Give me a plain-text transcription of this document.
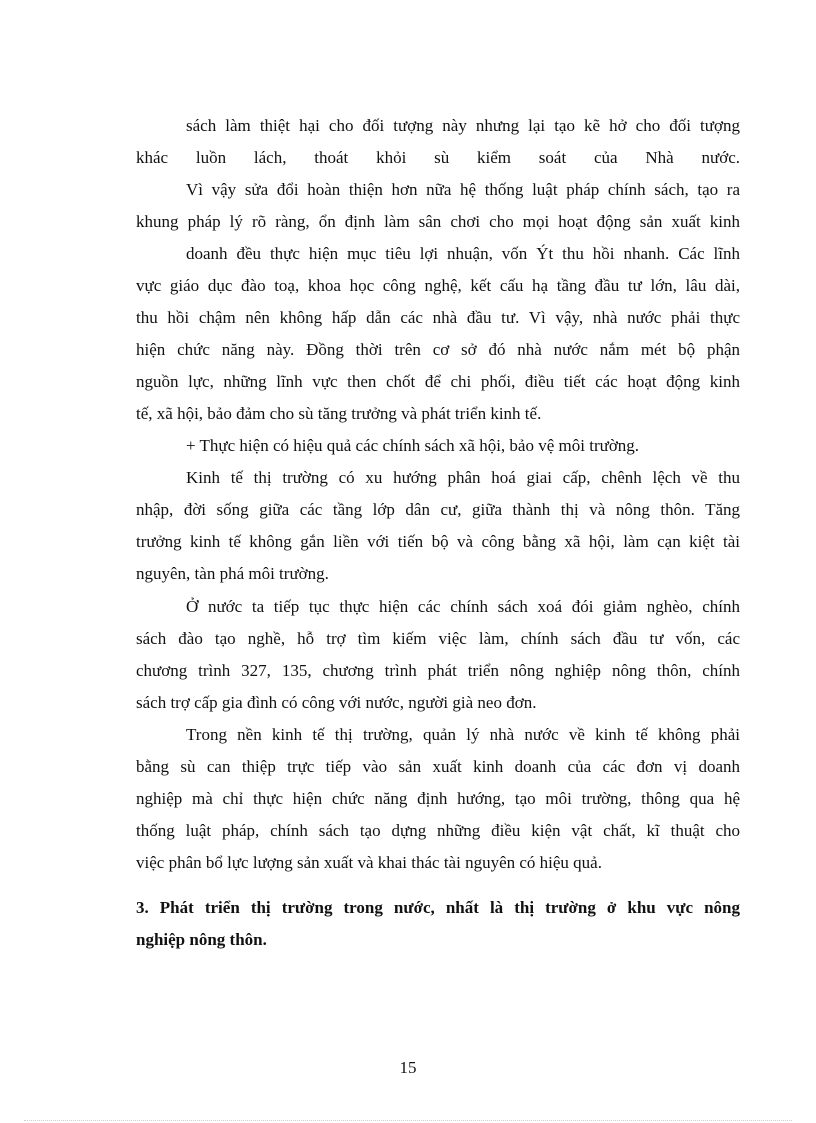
sách làm thiệt hại cho đối tượng này nhưng lại tạo kẽ hở cho đối tượng
khác luồn lách, thoát khỏi sù kiểm soát của Nhà nước.
Vì vậy sửa đổi hoàn thiện hơn nữa hệ thống luật pháp chính sách, tạo ra
khung pháp lý rõ ràng, ổn định làm sân chơi cho mọi hoạt động sản xuất kinh
doanh đều thực hiện mục tiêu lợi nhuận, vốn Ýt thu hồi nhanh. Các lĩnh
vực giáo dục đào toạ, khoa học công nghệ, kết cấu hạ tầng đầu tư lớn, lâu dài,
thu hồi chậm nên không hấp dẫn các nhà đầu tư. Vì vậy, nhà nước phải thực
hiện chức năng này. Đồng thời trên cơ sở đó nhà nước nắm mét bộ phận
nguồn lực, những lĩnh vực then chốt để chi phối, điều tiết các hoạt động kinh
tế, xã hội, bảo đảm cho sù tăng trưởng và phát triển kinh tế.
+ Thực hiện có hiệu quả các chính sách xã hội, bảo vệ môi trường.
Kinh tế thị trường có xu hướng phân hoá giai cấp, chênh lệch về thu
nhập, đời sống giữa các tầng lớp dân cư, giữa thành thị và nông thôn. Tăng
trưởng kinh tế không gắn liền với tiến bộ và công bằng xã hội, làm cạn kiệt tài
nguyên, tàn phá môi trường.
Ở nước ta tiếp tục thực hiện các chính sách xoá đói giảm nghèo, chính
sách đào tạo nghề, hỗ trợ tìm kiếm việc làm, chính sách đầu tư vốn, các
chương trình 327, 135, chương trình phát triển nông nghiệp nông thôn, chính
sách trợ cấp gia đình có công với nước, người già neo đơn.
Trong nền kinh tế thị trường, quản lý nhà nước về kinh tế không phải
bằng sù can thiệp trực tiếp vào sản xuất kinh doanh của các đơn vị doanh
nghiệp mà chỉ thực hiện chức năng định hướng, tạo môi trường, thông qua hệ
thống luật pháp, chính sách tạo dựng những điều kiện vật chất, kĩ thuật cho
việc phân bổ lực lượng sản xuất và khai thác tài nguyên có hiệu quả.
3. Phát triển thị trường trong nước, nhất là thị trường ở khu vực nông
nghiệp nông thôn.
15
